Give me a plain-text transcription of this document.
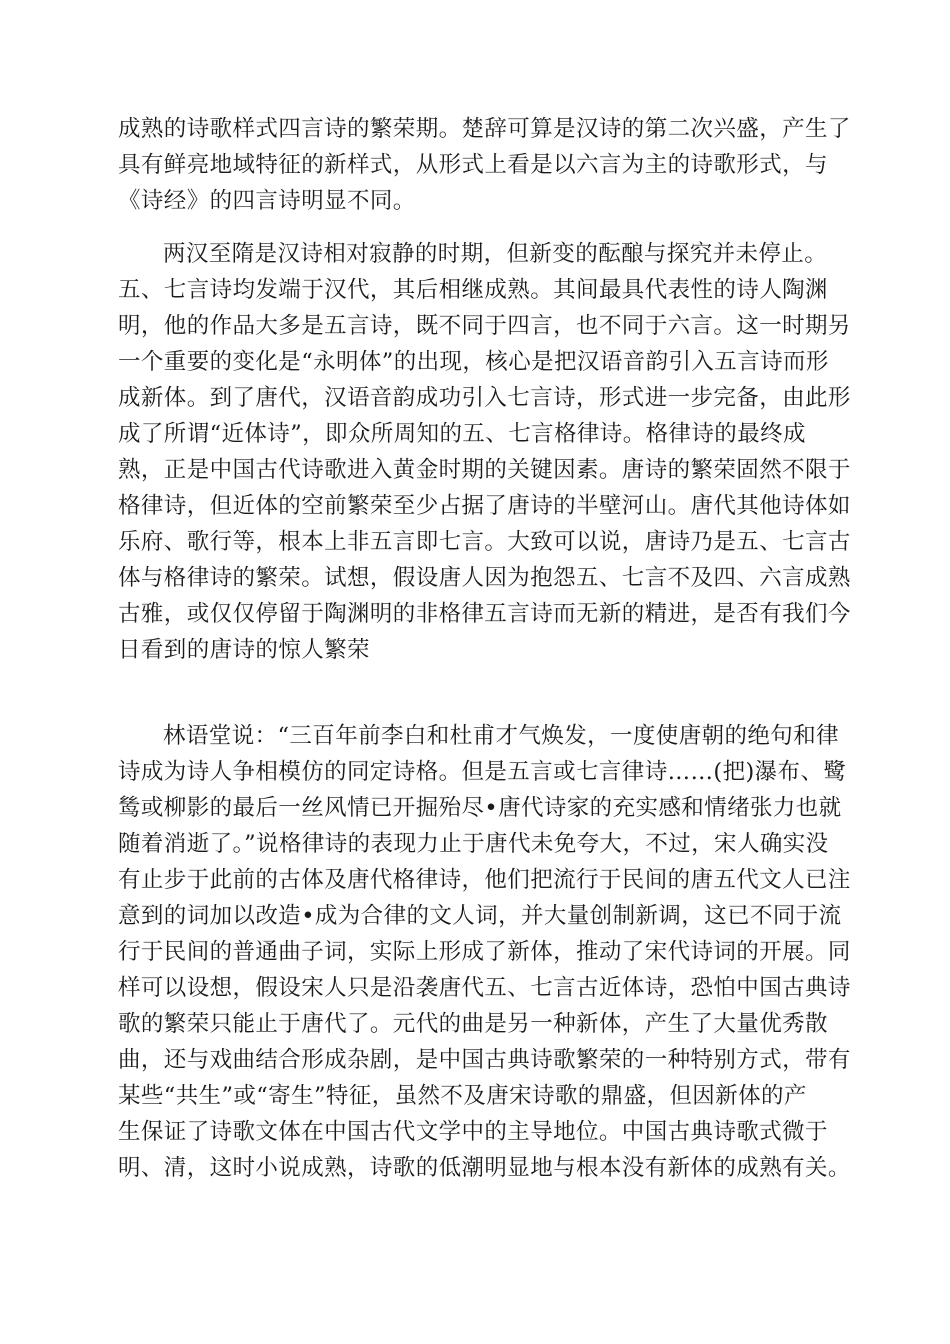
成熟的诗歌样式四言诗的繁荣期。楚辞可算是汉诗的第二次兴盛，产生了
具有鲜亮地域特征的新样式，从形式上看是以六言为主的诗歌形式，与
《诗经》的四言诗明显不同。
两汉至隋是汉诗相对寂静的时期，但新变的酝酿与探究并未停止。
五、七言诗均发端于汉代，其后相继成熟。其间最具代表性的诗人陶渊
明，他的作品大多是五言诗，既不同于四言，也不同于六言。这一时期另
一个重要的变化是“永明体”的出现，核心是把汉语音韵引入五言诗而形
成新体。到了唐代，汉语音韵成功引入七言诗，形式进一步完备，由此形
成了所谓“近体诗”，即众所周知的五、七言格律诗。格律诗的最终成
熟，正是中国古代诗歌进入黄金时期的关键因素。唐诗的繁荣固然不限于
格律诗，但近体的空前繁荣至少占据了唐诗的半壁河山。唐代其他诗体如
乐府、歌行等，根本上非五言即七言。大致可以说，唐诗乃是五、七言古
体与格律诗的繁荣。试想，假设唐人因为抱怨五、七言不及四、六言成熟
古雅，或仅仅停留于陶渊明的非格律五言诗而无新的精进，是否有我们今
日看到的唐诗的惊人繁荣
林语堂说：“三百年前李白和杜甫才气焕发，一度使唐朝的绝句和律
诗成为诗人争相模仿的同定诗格。但是五言或七言律诗……(把)瀑布、鹭
鸶或柳影的最后一丝风情已开掘殆尽•唐代诗家的充实感和情绪张力也就
随着消逝了。”说格律诗的表现力止于唐代未免夸大，不过，宋人确实没
有止步于此前的古体及唐代格律诗，他们把流行于民间的唐五代文人已注
意到的词加以改造•成为合律的文人词，并大量创制新调，这已不同于流
行于民间的普通曲子词，实际上形成了新体，推动了宋代诗词的开展。同
样可以设想，假设宋人只是沿袭唐代五、七言古近体诗，恐怕中国古典诗
歌的繁荣只能止于唐代了。元代的曲是另一种新体，产生了大量优秀散
曲，还与戏曲结合形成杂剧，是中国古典诗歌繁荣的一种特别方式，带有
某些“共生”或“寄生”特征，虽然不及唐宋诗歌的鼎盛，但因新体的产
生保证了诗歌文体在中国古代文学中的主导地位。中国古典诗歌式微于
明、清，这时小说成熟，诗歌的低潮明显地与根本没有新体的成熟有关。
